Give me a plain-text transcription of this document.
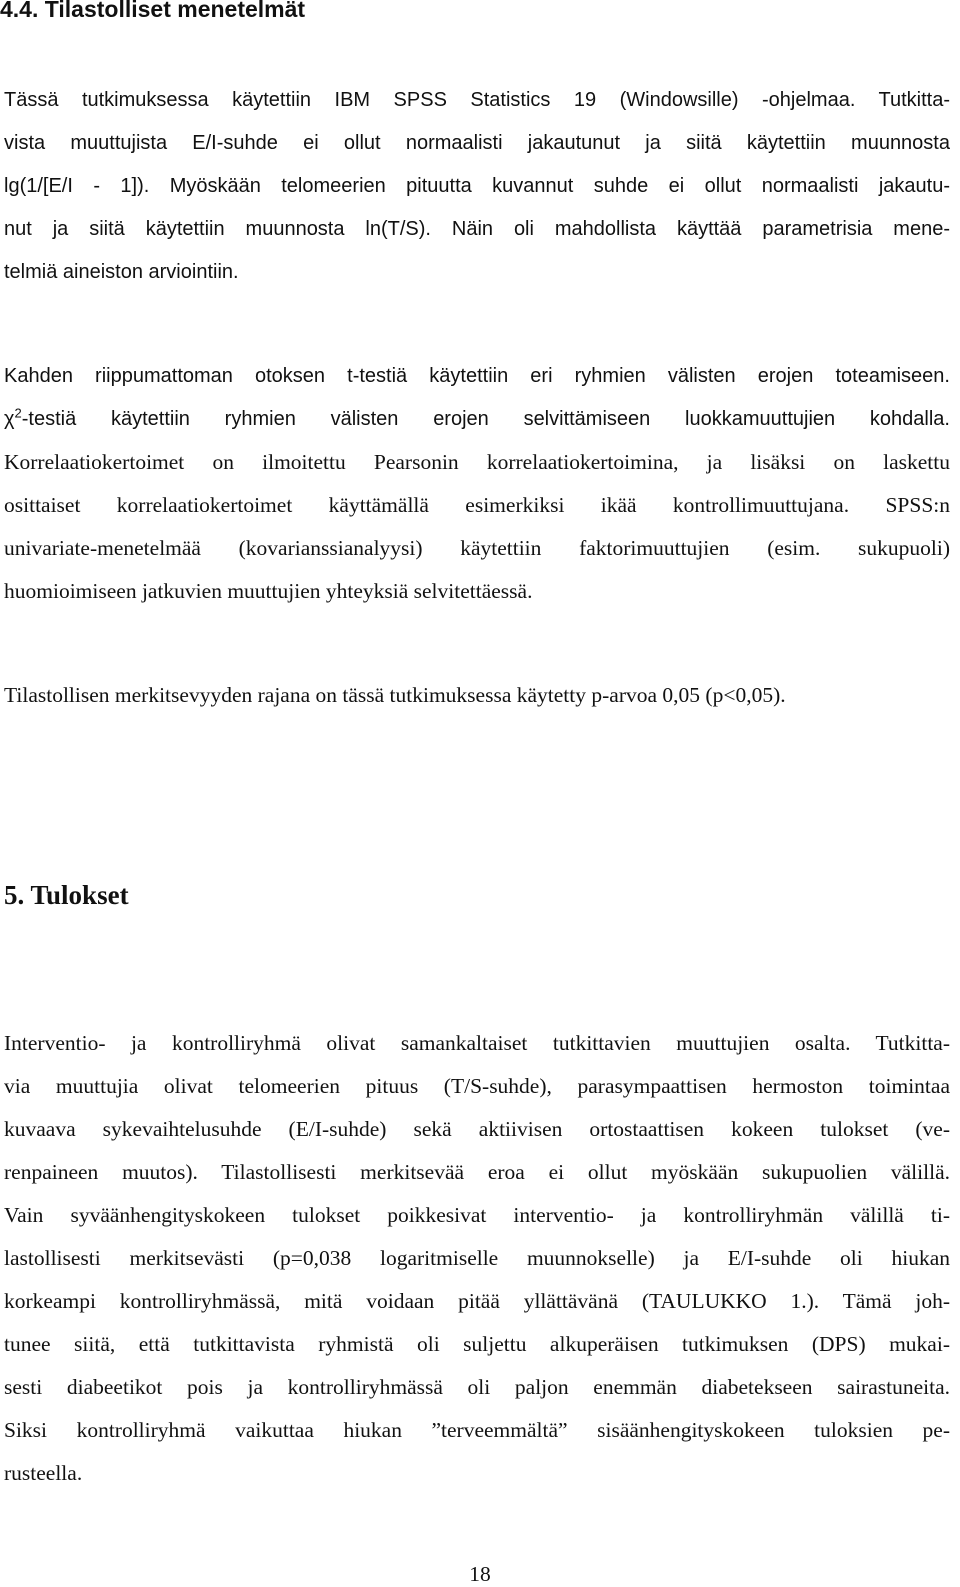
4.4. Tilastolliset menetelmät
Tässä tutkimuksessa käytettiin IBM SPSS Statistics 19 (Windowsille) -ohjelmaa. Tutkitta-
vista muuttujista E/I-suhde ei ollut normaalisti jakautunut ja siitä käytettiin muunnosta
lg(1/[E/I - 1]). Myöskään telomeerien pituutta kuvannut suhde ei ollut normaalisti jakautu-
nut ja siitä käytettiin muunnosta ln(T/S). Näin oli mahdollista käyttää parametrisia mene-
telmiä aineiston arviointiin.
Kahden riippumattoman otoksen t-testiä käytettiin eri ryhmien välisten erojen toteamiseen.
$\chi^2$-testiä käytettiin ryhmien välisten erojen selvittämiseen luokkamuuttujien kohdalla.
Korrelaatiokertoimet on ilmoitettu Pearsonin korrelaatiokertoimina, ja lisäksi on laskettu
osittaiset korrelaatiokertoimet käyttämällä esimerkiksi ikää kontrollimuuttujana. SPSS:n
univariate-menetelmää (kovarianssianalyysi) käytettiin faktorimuuttujien (esim. sukupuoli)
huomioimiseen jatkuvien muuttujien yhteyksiä selvitettäessä.
Tilastollisen merkitsevyyden rajana on tässä tutkimuksessa käytetty p-arvoa 0,05 (p<0,05).
5. Tulokset
Interventio- ja kontrolliryhmä olivat samankaltaiset tutkittavien muuttujien osalta. Tutkitta-
via muuttujia olivat telomeerien pituus (T/S-suhde), parasympaattisen hermoston toimintaa
kuvaava sykevaihtelusuhde (E/I-suhde) sekä aktiivisen ortostaattisen kokeen tulokset (ve-
renpaineen muutos). Tilastollisesti merkitsevää eroa ei ollut myöskään sukupuolien välillä.
Vain syväänhengityskokeen tulokset poikkesivat interventio- ja kontrolliryhmän välillä ti-
lastollisesti merkitsevästi (p=0,038 logaritmiselle muunnokselle) ja E/I-suhde oli hiukan
korkeampi kontrolliryhmässä, mitä voidaan pitää yllättävänä (TAULUKKO 1.). Tämä joh-
tunee siitä, että tutkittavista ryhmistä oli suljettu alkuperäisen tutkimuksen (DPS) mukai-
sesti diabeetikot pois ja kontrolliryhmässä oli paljon enemmän diabetekseen sairastuneita.
Siksi kontrolliryhmä vaikuttaa hiukan ”terveemmältä” sisäänhengityskokeen tuloksien pe-
rusteella.
18
